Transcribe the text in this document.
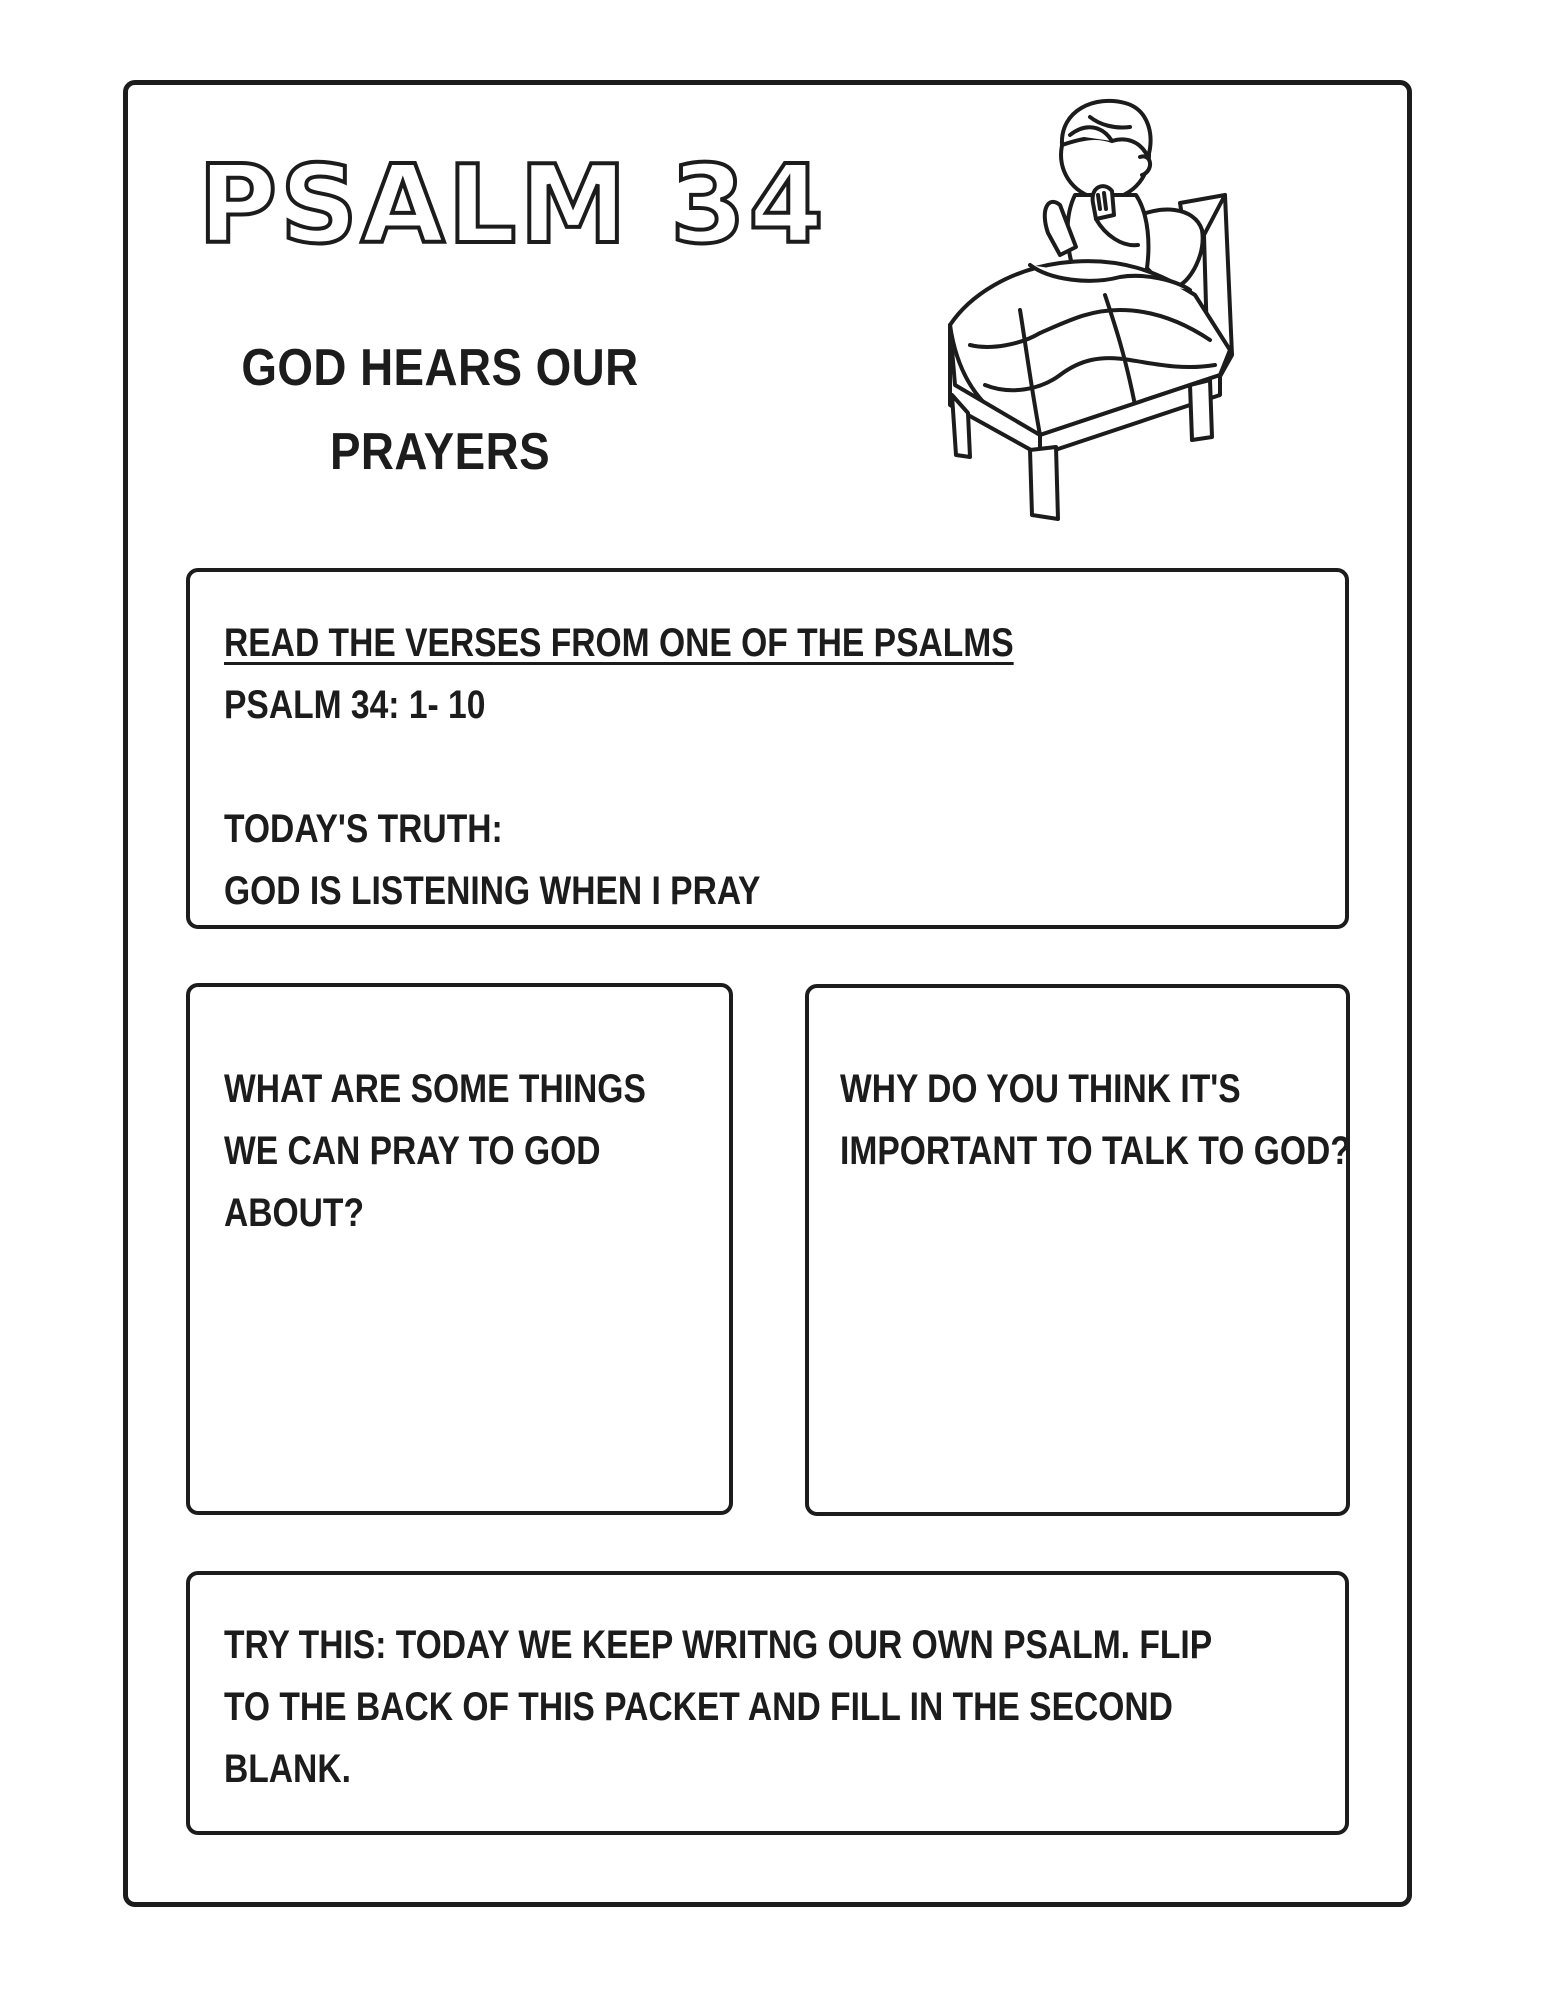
PSALM 34
GOD HEARS OUR
PRAYERS
READ THE VERSES FROM ONE OF THE PSALMS
PSALM 34: 1- 10
TODAY'S TRUTH:
GOD IS LISTENING WHEN I PRAY
WHAT ARE SOME THINGS
WE CAN PRAY TO GOD
ABOUT?
WHY DO YOU THINK IT'S
IMPORTANT TO TALK TO GOD?
TRY THIS: TODAY WE KEEP WRITNG OUR OWN PSALM. FLIP
TO THE BACK OF THIS PACKET AND FILL IN THE SECOND
BLANK.
